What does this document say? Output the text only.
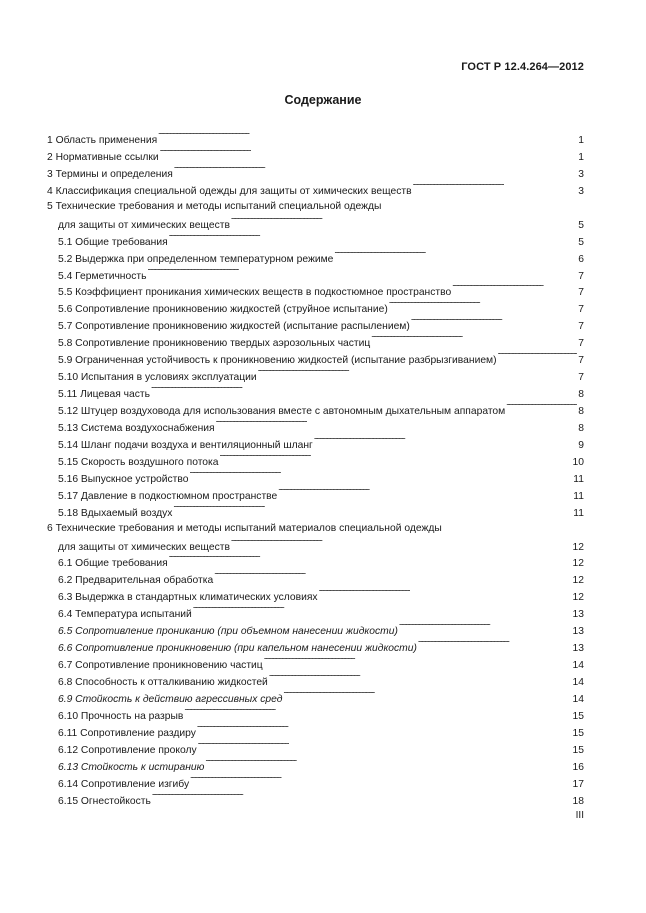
ГОСТ Р 12.4.264—2012
Содержание
1 Область применения . . .	1
2 Нормативные ссылки . . .	1
3 Термины и определения . . .	3
4 Классификация специальной одежды для защиты от химических веществ . . .	3
5 Технические требования и методы испытаний специальной одежды
для защиты от химических веществ . . .	5
5.1 Общие требования . . .	5
5.2 Выдержка при определенном температурном режиме . . .	6
5.4 Герметичность . . .	7
5.5 Коэффициент проникания химических веществ в подкостюмное пространство . . .	7
5.6 Сопротивление проникновению жидкостей (струйное испытание) . . .	7
5.7 Сопротивление проникновению жидкостей (испытание распылением) . . .	7
5.8 Сопротивление проникновению твердых аэрозольных частиц . . .	7
5.9 Ограниченная устойчивость к проникновению жидкостей (испытание разбрызгиванием) . . .	7
5.10 Испытания в условиях эксплуатации . . .	7
5.11 Лицевая часть . . .	8
5.12 Штуцер воздуховода для использования вместе с автономным дыхательным аппаратом . . .	8
5.13 Система воздухоснабжения . . .	8
5.14 Шланг подачи воздуха и вентиляционный шланг . . .	9
5.15 Скорость воздушного потока . . .	10
5.16 Выпускное устройство . . .	11
5.17 Давление в подкостюмном пространстве . . .	11
5.18 Вдыхаемый воздух . . .	11
6 Технические требования и методы испытаний материалов специальной одежды
для защиты от химических веществ . . .	12
6.1 Общие требования . . .	12
6.2 Предварительная обработка . . .	12
6.3 Выдержка в стандартных климатических условиях . . .	12
6.4 Температура испытаний . . .	13
6.5 Сопротивление прониканию (при объемном нанесении жидкости) . . .	13
6.6 Сопротивление проникновению (при капельном нанесении жидкости) . . .	13
6.7 Сопротивление проникновению частиц . . .	14
6.8 Способность к отталкиванию жидкостей . . .	14
6.9 Стойкость к действию агрессивных сред . . .	14
6.10 Прочность на разрыв . . .	15
6.11 Сопротивление раздиру . . .	15
6.12 Сопротивление проколу . . .	15
6.13 Стойкость к истиранию . . .	16
6.14 Сопротивление изгибу . . .	17
6.15 Огнестойкость . . .	18
III
